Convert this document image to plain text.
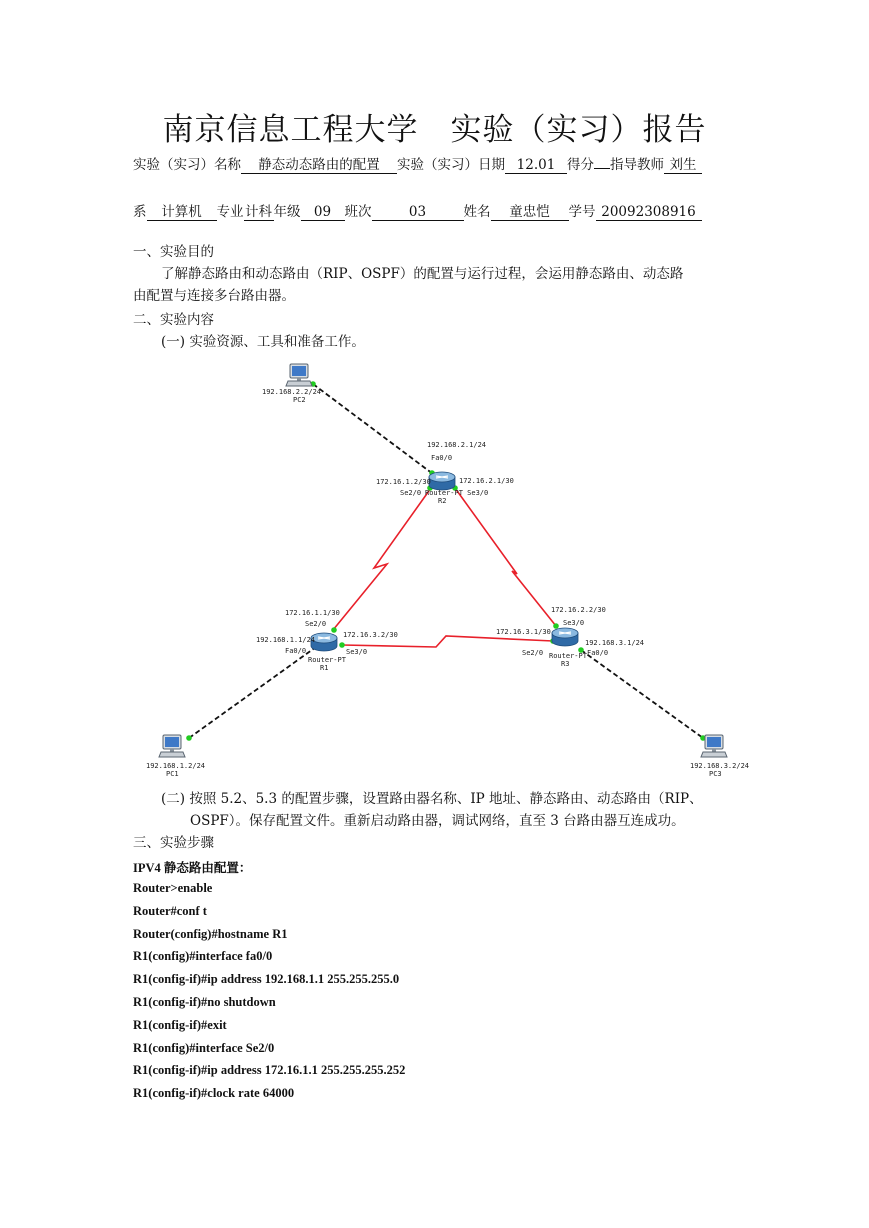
南京信息工程大学　实验（实习）报告
实验（实习）名称 静态动态路由的配置 实验（实习）日期 12.01 得分 指导教师 刘生
系 计算机 专业 计科 年级 09 班次	03	姓名 童忠恺 学号 20092308916
一、实验目的
了解静态路由和动态路由（RIP、OSPF）的配置与运行过程，会运用静态路由、动态路
由配置与连接多台路由器。
二、实验内容
(一) 实验资源、工具和准备工作。
192.168.2.2/24
PC2
192.168.2.1/24
Fa0/0
172.16.1.2/30	172.16.2.1/30
Se2/0 Router-PT Se3/0
R2
172.16.1.1/30
Se2/0
192.168.1.1/24
Fa0/0
172.16.3.2/30
Se3/0
Router-PT
R1
172.16.2.2/30
Se3/0
172.16.3.1/30
Se2/0
192.168.3.1/24
Fa0/0
Router-PT
R3
192.168.1.2/24
PC1
192.168.3.2/24
PC3
(二) 按照 5.2、5.3 的配置步骤，设置路由器名称、IP 地址、静态路由、动态路由（RIP、
OSPF）。保存配置文件。重新启动路由器，调试网络，直至 3 台路由器互连成功。
三、实验步骤
IPV4 静态路由配置：
Router>enable
Router#conf t
Router(config)#hostname R1
R1(config)#interface fa0/0
R1(config-if)#ip address 192.168.1.1 255.255.255.0
R1(config-if)#no shutdown
R1(config-if)#exit
R1(config)#interface Se2/0
R1(config-if)#ip address 172.16.1.1 255.255.255.252
R1(config-if)#clock rate 64000
